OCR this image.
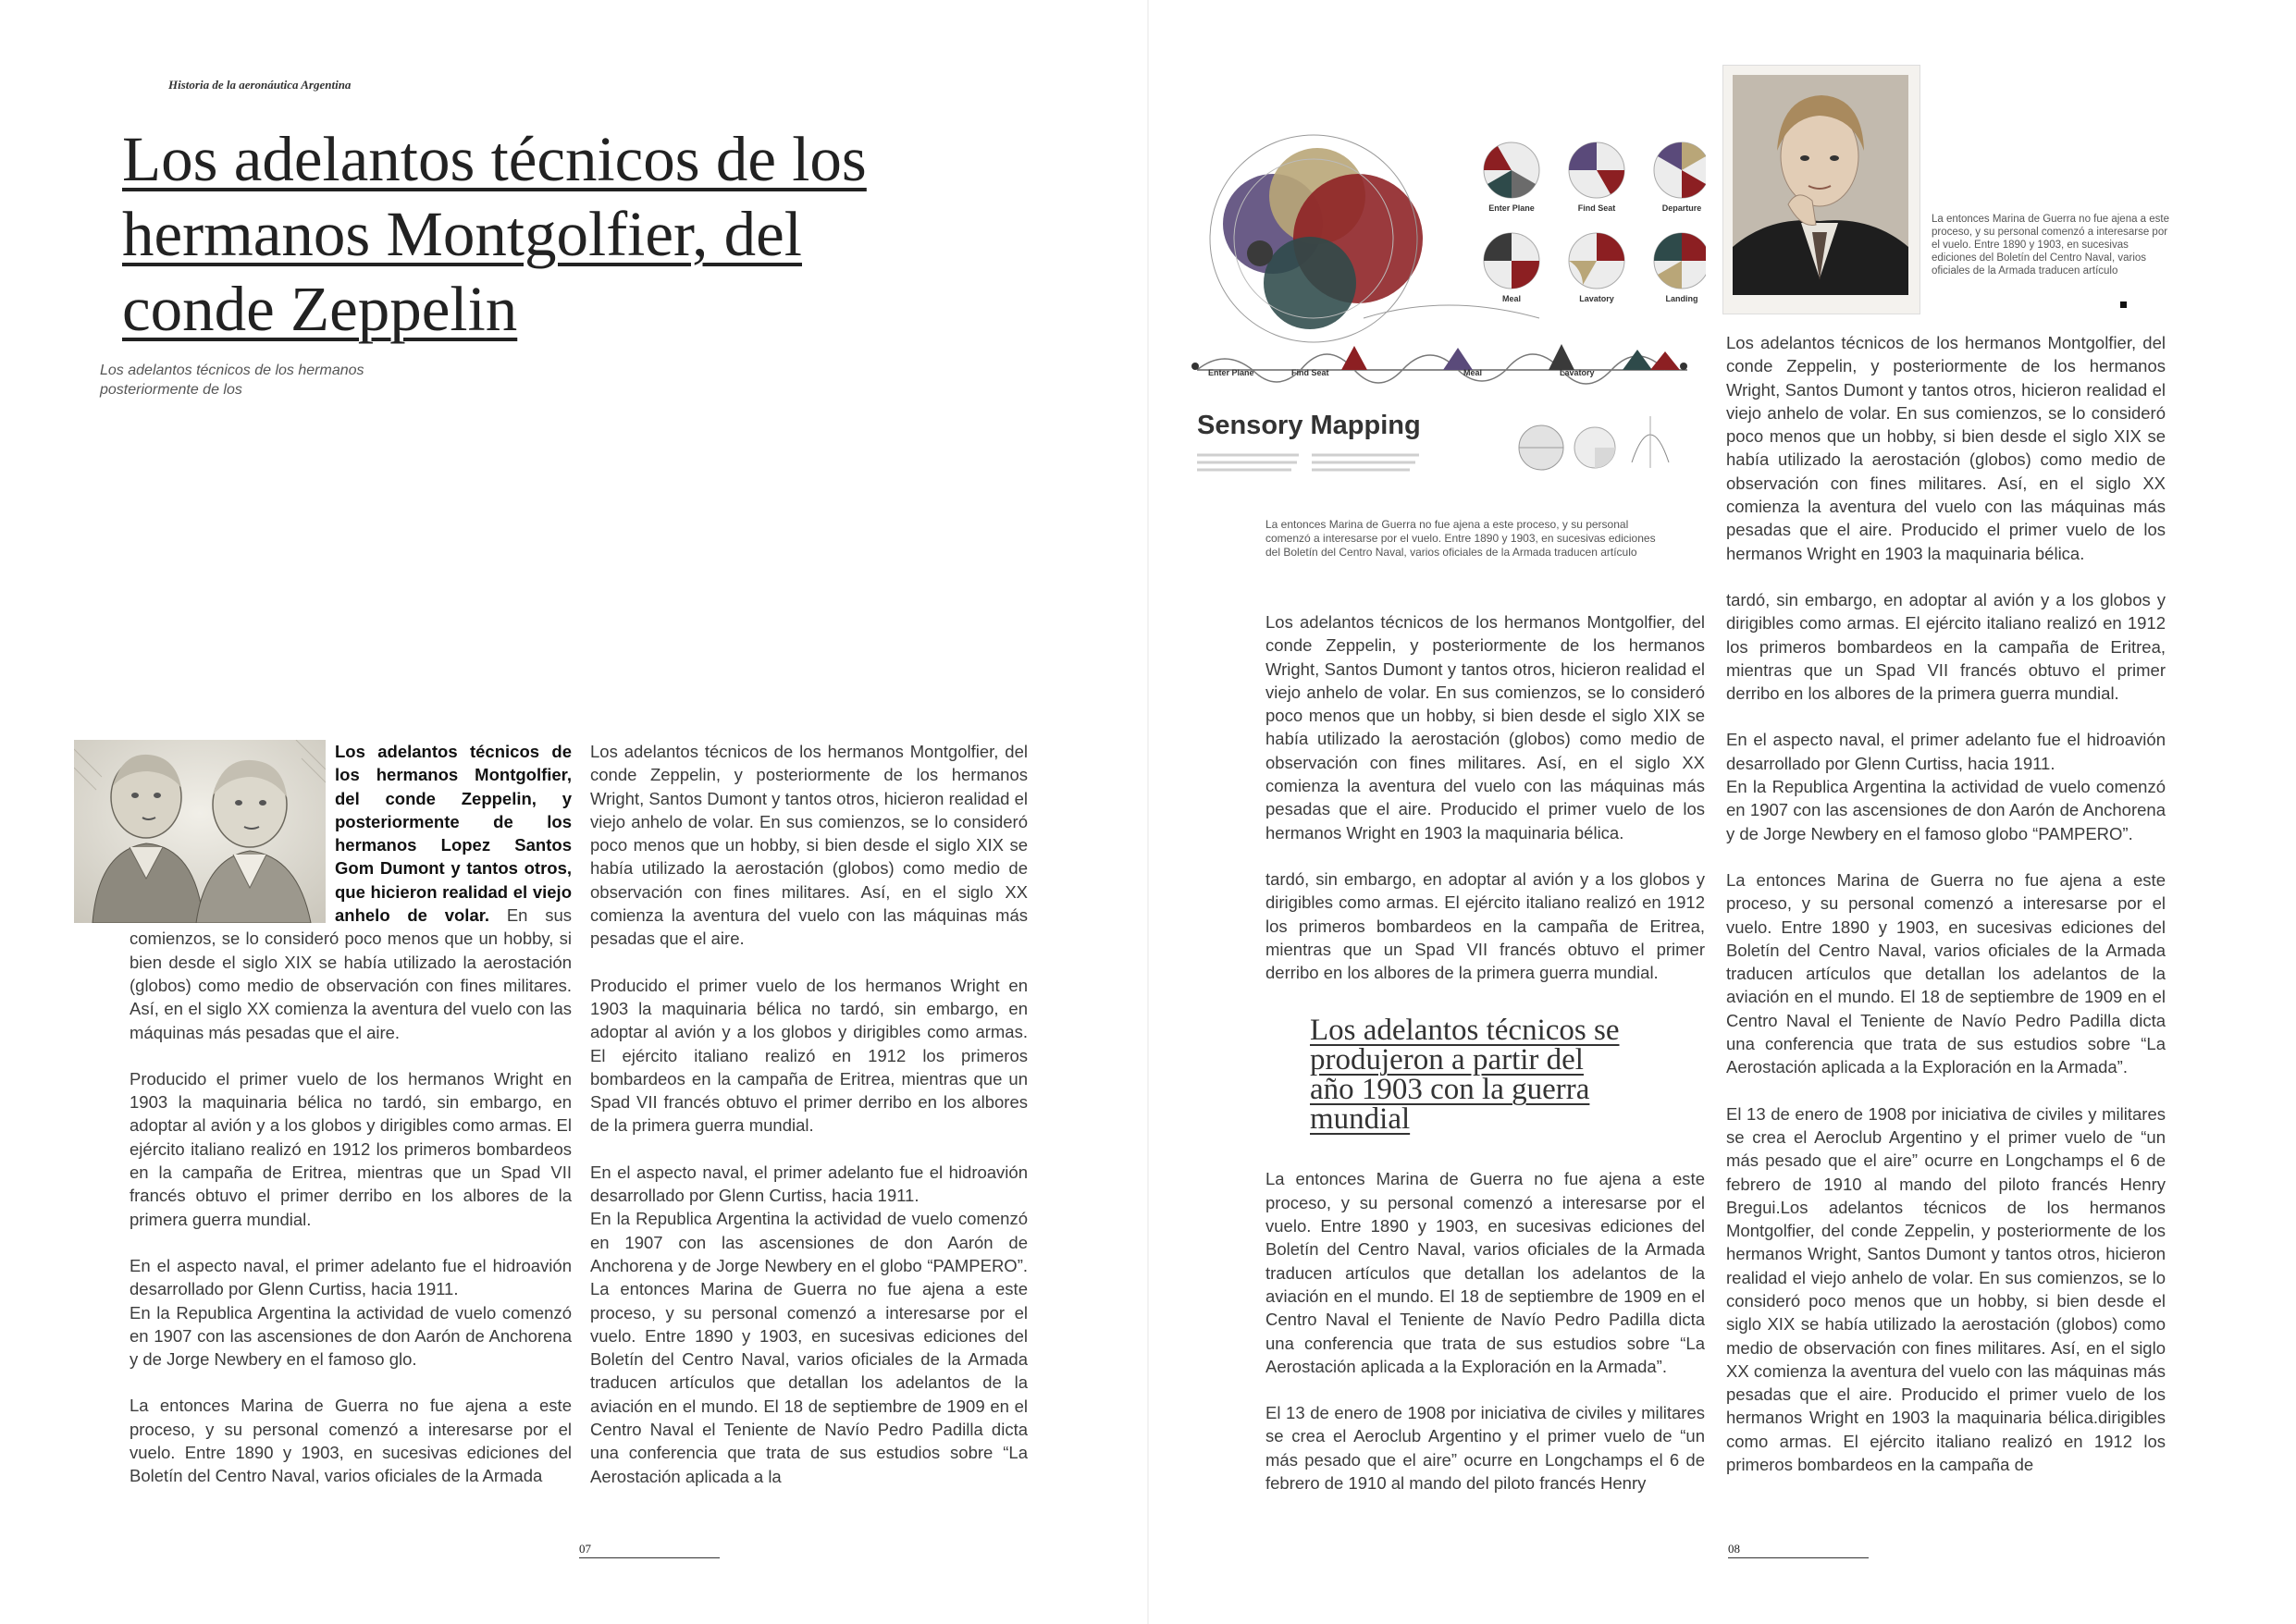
Historia de la aeronáutica Argentina
Los adelantos técnicos de los
hermanos Montgolfier, del
conde Zeppelin
Los adelantos técnicos de los hermanos
posteriormente de los

Los adelantos técnicos de los hermanos Montgolfier, del conde Zeppelin, y posteriormente de los hermanos Lopez Santos Gom Dumont y tantos otros, que hicieron realidad el viejo anhelo de volar. En sus comienzos, se lo consideró poco menos que un hobby, si bien desde el siglo XIX se había utilizado la aerostación (globos) como medio de observación con fines militares. Así, en el siglo XX comienza la aventura del vuelo con las máquinas más pesadas que el aire.

Producido el primer vuelo de los hermanos Wright en 1903 la maquinaria bélica no tardó, sin embargo, en adoptar al avión y a los globos y dirigibles como armas. El ejército italiano realizó en 1912 los primeros bombardeos en la campaña de Eritrea, mientras que un Spad VII francés obtuvo el primer derribo en los albores de la primera guerra mundial.

En el aspecto naval, el primer adelanto fue el hidroavión desarrollado por Glenn Curtiss, hacia 1911.

En la Republica Argentina la actividad de vuelo comenzó en 1907 con las ascensiones de don Aarón de Anchorena y de Jorge Newbery en el famoso glo.

La entonces Marina de Guerra no fue ajena a este proceso, y su personal comenzó a interesarse por el vuelo. Entre 1890 y 1903, en sucesivas ediciones del Boletín del Centro Naval, varios oficiales de la Armada

Los adelantos técnicos de los hermanos Montgolfier, del conde Zeppelin, y posteriormente de los hermanos Wright, Santos Dumont y tantos otros, hicieron realidad el viejo anhelo de volar. En sus comienzos, se lo consideró poco menos que un hobby, si bien desde el siglo XIX se había utilizado la aerostación (globos) como medio de observación con fines militares. Así, en el siglo XX comienza la aventura del vuelo con las máquinas más pesadas que el aire.

Producido el primer vuelo de los hermanos Wright en 1903 la maquinaria bélica no tardó, sin embargo, en adoptar al avión y a los globos y dirigibles como armas. El ejército italiano realizó en 1912 los primeros bombardeos en la campaña de Eritrea, mientras que un Spad VII francés obtuvo el primer derribo en los albores de la primera guerra mundial.

En el aspecto naval, el primer adelanto fue el hidroavión desarrollado por Glenn Curtiss, hacia 1911.

En la Republica Argentina la actividad de vuelo comenzó en 1907 con las ascensiones de don Aarón de Anchorena y de Jorge Newbery en el globo “PAMPERO”. La entonces Marina de Guerra no fue ajena a este proceso, y su personal comenzó a interesarse por el vuelo. Entre 1890 y 1903, en sucesivas ediciones del Boletín del Centro Naval, varios oficiales de la Armada traducen artículos que detallan los adelantos de la aviación en el mundo. El 18 de septiembre de 1909 en el Centro Naval el Teniente de Navío Pedro Padilla dicta una conferencia que trata de sus estudios sobre “La Aerostación aplicada a la

07
Enter Plane	Find Seat	Departure
Meal	Lavatory	Landing
Enter Plane	Find Seat	Meal	Lavatory
Sensory Mapping
La entonces Marina de Guerra no fue ajena a este proceso, y su personal comenzó a interesarse por el vuelo. Entre 1890 y 1903, en sucesivas ediciones del Boletín del Centro Naval, varios oficiales de la Armada traducen artículo
La entonces Marina de Guerra no fue ajena a este proceso, y su personal comenzó a interesarse por el vuelo. Entre 1890 y 1903, en sucesivas ediciones del Boletín del Centro Naval, varios oficiales de la Armada traducen artículo

Los adelantos técnicos de los hermanos Montgolfier, del conde Zeppelin, y posteriormente de los hermanos Wright, Santos Dumont y tantos otros, hicieron realidad el viejo anhelo de volar. En sus comienzos, se lo consideró poco menos que un hobby, si bien desde el siglo XIX se había utilizado la aerostación (globos) como medio de observación con fines militares. Así, en el siglo XX comienza la aventura del vuelo con las máquinas más pesadas que el aire. Producido el primer vuelo de los hermanos Wright en 1903 la maquinaria bélica.

tardó, sin embargo, en adoptar al avión y a los globos y dirigibles como armas. El ejército italiano realizó en 1912 los primeros bombardeos en la campaña de Eritrea, mientras que un Spad VII francés obtuvo el primer derribo en los albores de la primera guerra mundial.

Los adelantos técnicos se produjeron a partir del año 1903 con la guerra mundial

La entonces Marina de Guerra no fue ajena a este proceso, y su personal comenzó a interesarse por el vuelo. Entre 1890 y 1903, en sucesivas ediciones del Boletín del Centro Naval, varios oficiales de la Armada traducen artículos que detallan los adelantos de la aviación en el mundo. El 18 de septiembre de 1909 en el Centro Naval el Teniente de Navío Pedro Padilla dicta una conferencia que trata de sus estudios sobre “La Aerostación aplicada a la Exploración en la Armada”.

El 13 de enero de 1908 por iniciativa de civiles y militares se crea el Aeroclub Argentino y el primer vuelo de “un más pesado que el aire” ocurre en Longchamps el 6 de febrero de 1910 al mando del piloto francés Henry

Los adelantos técnicos de los hermanos Montgolfier, del conde Zeppelin, y posteriormente de los hermanos Wright, Santos Dumont y tantos otros, hicieron realidad el viejo anhelo de volar. En sus comienzos, se lo consideró poco menos que un hobby, si bien desde el siglo XIX se había utilizado la aerostación (globos) como medio de observación con fines militares. Así, en el siglo XX comienza la aventura del vuelo con las máquinas más pesadas que el aire. Producido el primer vuelo de los hermanos Wright en 1903 la maquinaria bélica.

tardó, sin embargo, en adoptar al avión y a los globos y dirigibles como armas. El ejército italiano realizó en 1912 los primeros bombardeos en la campaña de Eritrea, mientras que un Spad VII francés obtuvo el primer derribo en los albores de la primera guerra mundial.

En el aspecto naval, el primer adelanto fue el hidroavión desarrollado por Glenn Curtiss, hacia 1911.

En la Republica Argentina la actividad de vuelo comenzó en 1907 con las ascensiones de don Aarón de Anchorena y de Jorge Newbery en el famoso globo “PAMPERO”.

La entonces Marina de Guerra no fue ajena a este proceso, y su personal comenzó a interesarse por el vuelo. Entre 1890 y 1903, en sucesivas ediciones del Boletín del Centro Naval, varios oficiales de la Armada traducen artículos que detallan los adelantos de la aviación en el mundo. El 18 de septiembre de 1909 en el Centro Naval el Teniente de Navío Pedro Padilla dicta una conferencia que trata de sus estudios sobre “La Aerostación aplicada a la Exploración en la Armada”.

El 13 de enero de 1908 por iniciativa de civiles y militares se crea el Aeroclub Argentino y el primer vuelo de “un más pesado que el aire” ocurre en Longchamps el 6 de febrero de 1910 al mando del piloto francés Henry Bregui.Los adelantos técnicos de los hermanos Montgolfier, del conde Zeppelin, y posteriormente de los hermanos Wright, Santos Dumont y tantos otros, hicieron realidad el viejo anhelo de volar. En sus comienzos, se lo consideró poco menos que un hobby, si bien desde el siglo XIX se había utilizado la aerostación (globos) como medio de observación con fines militares. Así, en el siglo XX comienza la aventura del vuelo con las máquinas más pesadas que el aire. Producido el primer vuelo de los hermanos Wright en 1903 la maquinaria bélica.dirigibles como armas. El ejército italiano realizó en 1912 los primeros bombardeos en la campaña de

08
